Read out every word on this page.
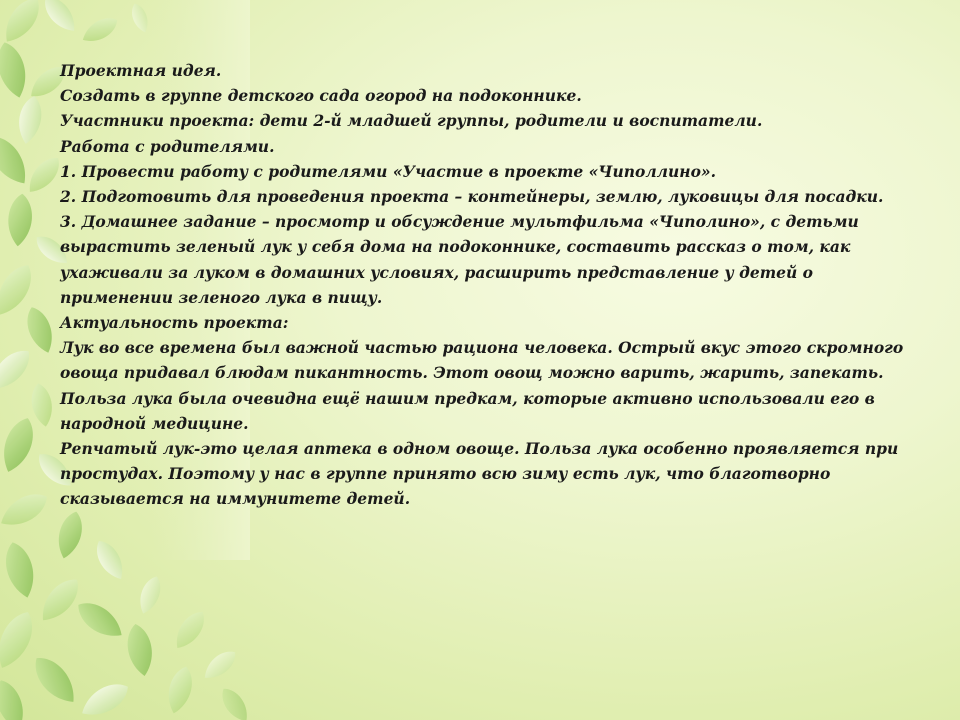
Проектная идея.

Создать в группе детского сада огород на подоконнике.

Участники проекта: дети 2-й младшей группы, родители и воспитатели.

Работа с родителями.

1. Провести работу с родителями «Участие в проекте «Чиполлино».

2. Подготовить для проведения проекта – контейнеры, землю, луковицы для посадки.

3. Домашнее задание – просмотр и обсуждение мультфильма «Чиполино», с детьми вырастить зеленый лук у себя дома на подоконнике, составить рассказ о том, как ухаживали за луком в домашних условиях, расширить представление у детей о применении зеленого лука в пищу.

Актуальность проекта:

Лук во все времена был важной частью рациона человека. Острый вкус этого скромного овоща придавал блюдам пикантность. Этот овощ можно варить, жарить, запекать.

Польза лука была очевидна ещё нашим предкам, которые активно использовали его в народной медицине.

Репчатый лук-это целая аптека в одном овоще. Польза лука особенно проявляется при простудах. Поэтому у нас в группе принято всю зиму есть лук, что благотворно сказывается на иммунитете детей.
